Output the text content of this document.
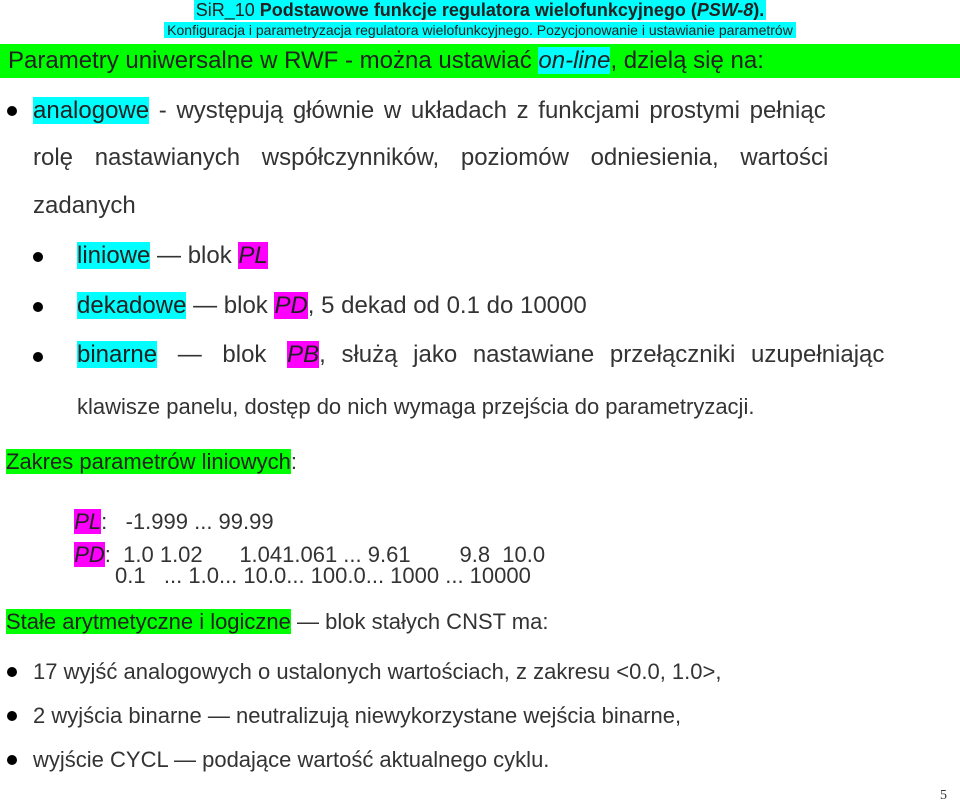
SiR_10 Podstawowe funkcje regulatora wielofunkcyjnego (PSW-8).
Konfiguracja i parametryzacja regulatora wielofunkcyjnego. Pozycjonowanie i ustawianie parametrów
Parametry uniwersalne w RWF - można ustawiać on-line, dzielą się na:
analogowe - występują głównie w układach z funkcjami prostymi pełniąc
rolę nastawianych współczynników, poziomów odniesienia, wartości
zadanych
liniowe — blok PL
dekadowe — blok PD, 5 dekad od 0.1 do 10000
binarne — blok PB, służą jako nastawiane przełączniki uzupełniając
klawisze panelu, dostęp do nich wymaga przejścia do parametryzacji.
Zakres parametrów liniowych:

PL:   -1.999 ... 99.99

PD:  1.0 1.02      1.041.061 ... 9.61        9.8  10.0

0.1   ... 1.0... 10.0... 100.0... 1000 ... 10000
Stałe arytmetyczne i logiczne — blok stałych CNST ma:
17 wyjść analogowych o ustalonych wartościach, z zakresu <0.0, 1.0>,
2 wyjścia binarne — neutralizują niewykorzystane wejścia binarne,
wyjście CYCL — podające wartość aktualnego cyklu.
5
